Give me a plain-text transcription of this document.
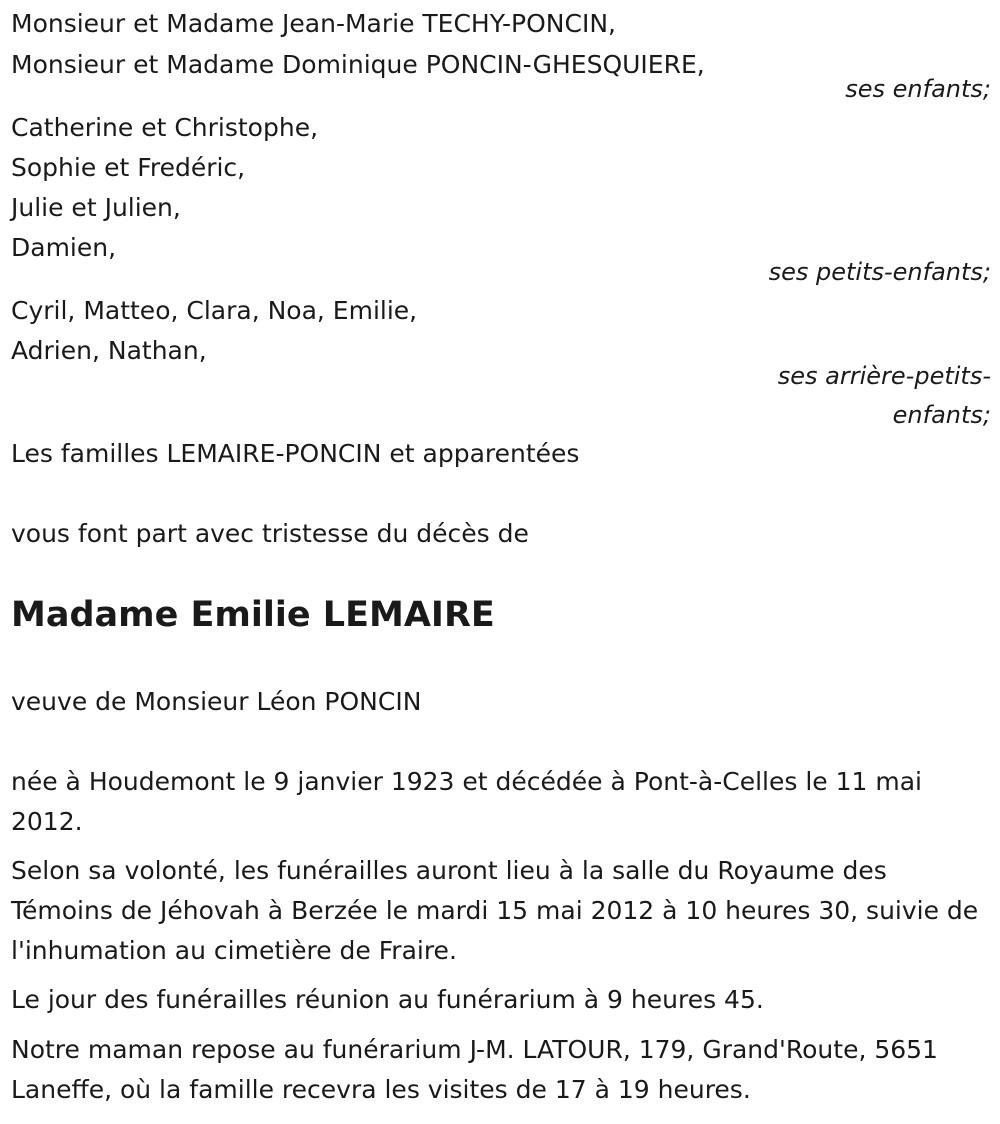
Monsieur et Madame Jean-Marie TECHY-PONCIN,
Monsieur et Madame Dominique PONCIN-GHESQUIERE,
ses enfants;
Catherine et Christophe,
Sophie et Fredéric,
Julie et Julien,
Damien,
ses petits-enfants;
Cyril, Matteo, Clara, Noa, Emilie,
Adrien, Nathan,
ses arrière-petits-
enfants;
Les familles LEMAIRE-PONCIN et apparentées
vous font part avec tristesse du décès de
Madame Emilie LEMAIRE
veuve de Monsieur Léon PONCIN
née à Houdemont le 9 janvier 1923 et décédée à Pont-à-Celles le 11 mai 2012.
Selon sa volonté, les funérailles auront lieu à la salle du Royaume des Témoins de Jéhovah à Berzée le mardi 15 mai 2012 à 10 heures 30, suivie de l'inhumation au cimetière de Fraire.
Le jour des funérailles réunion au funérarium à 9 heures 45.
Notre maman repose au funérarium J-M. LATOUR, 179, Grand'Route, 5651 Laneffe, où la famille recevra les visites de 17 à 19 heures.
